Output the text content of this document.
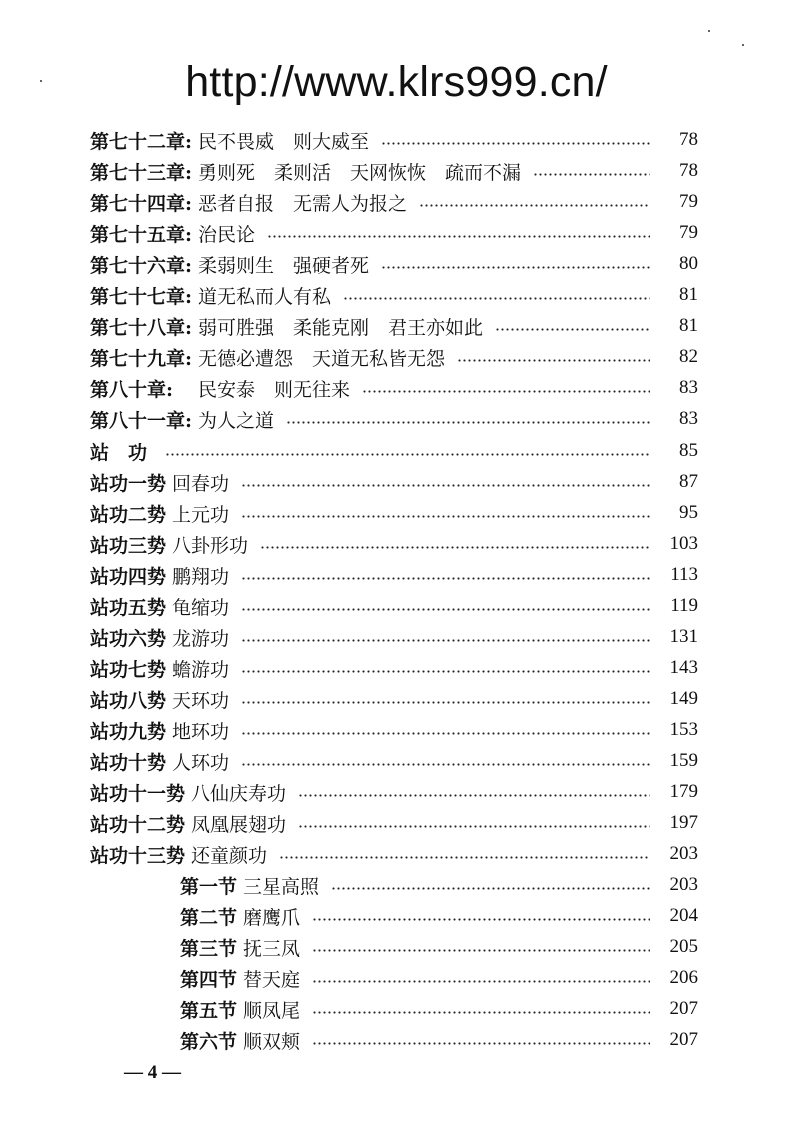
http://www.klrs999.cn/
第七十二章: 民不畏威　则大威至	78
第七十三章: 勇则死　柔则活　天网恢恢　疏而不漏	78
第七十四章: 恶者自报　无需人为报之	79
第七十五章: 治民论	79
第七十六章: 柔弱则生　强硬者死	80
第七十七章: 道无私而人有私	81
第七十八章: 弱可胜强　柔能克刚　君王亦如此	81
第七十九章: 无德必遭怨　天道无私皆无怨	82
第八十章: 　民安泰　则无往来	83
第八十一章: 为人之道	83
站　功	85
站功一势 回春功	87
站功二势 上元功	95
站功三势 八卦形功	103
站功四势 鹏翔功	113
站功五势 龟缩功	119
站功六势 龙游功	131
站功七势 蟾游功	143
站功八势 天环功	149
站功九势 地环功	153
站功十势 人环功	159
站功十一势 八仙庆寿功	179
站功十二势 凤凰展翅功	197
站功十三势 还童颜功	203
第一节 三星高照	203
第二节 磨鹰爪	204
第三节 抚三凤	205
第四节 替天庭	206
第五节 顺凤尾	207
第六节 顺双颊	207
— 4 —
